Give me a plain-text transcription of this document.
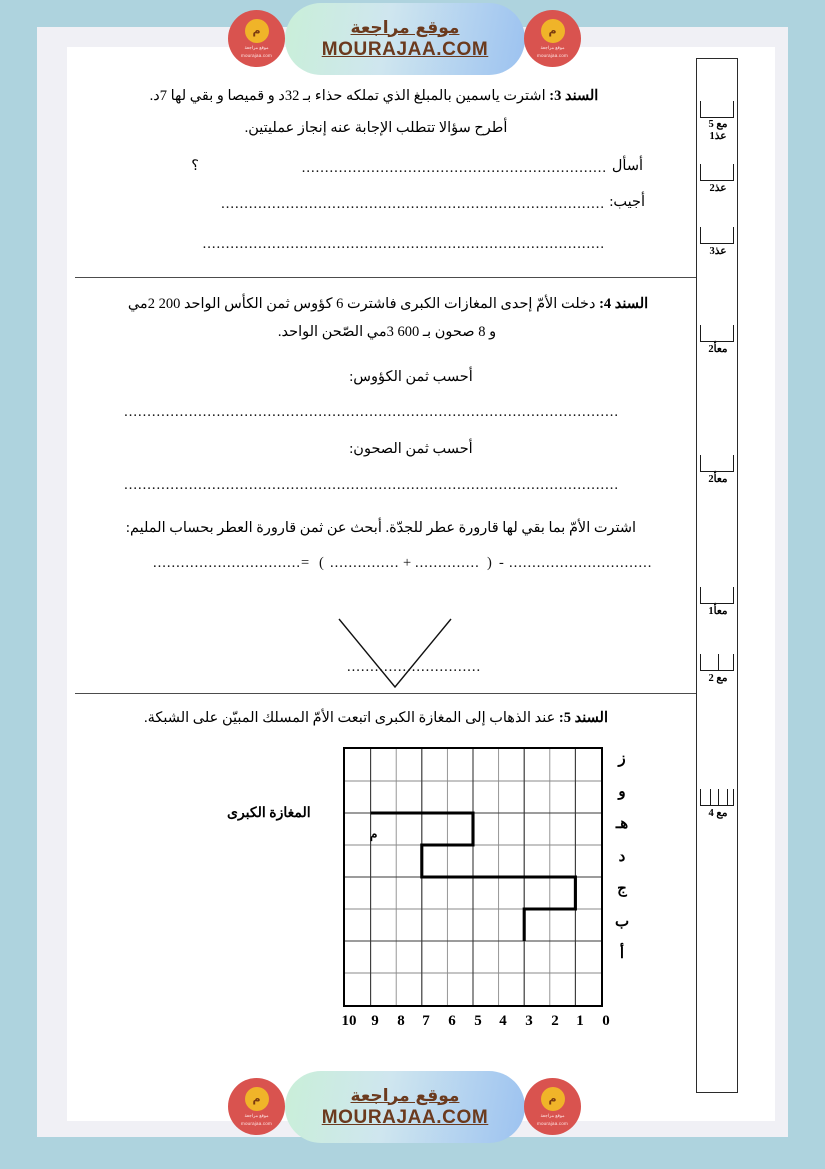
موقع مراجعة
MOURAJAA.COM
م
موقع مراجعة
mourajaa.com
م
موقع مراجعة
mourajaa.com
مع 5
عذ1
عذ2
عذ3
معأ2
معأ2
معأ1
مع 2
مع 4
السند 3: اشترت ياسمين بالمبلغ الذي تملكه حذاء بـ 32د و قميصا و بقي لها 7د.
أطرح سؤالا تتطلب الإجابة عنه إنجاز عمليتين.
أسأل
..................................................................
؟
أجيب:
...................................................................................
.......................................................................................
السند 4: دخلت الأمّ إحدى المغازات الكبرى فاشترت 6 كؤوس ثمن الكأس الواحد 200 2مي
و 8 صحون بـ 600 3مي الصّحن الواحد.
أحسب ثمن الكؤوس:
...........................................................................................................
أحسب ثمن الصحون:
...........................................................................................................
اشترت الأمّ بما بقي لها قارورة عطر للجدّة. أبحث عن ثمن قارورة العطر بحساب المليم:
................................= ( ............... + .............. ) - ...............................
.............................
السند 5: عند الذهاب إلى المغازة الكبرى اتبعت الأمّ المسلك المبيّن على الشبكة.
المغازة الكبرى
م
ز
و
هـ
د
ج
ب
أ
10 9	8	7	6	5	4	3	2	1	0
موقع مراجعة
MOURAJAA.COM
م
موقع مراجعة
mourajaa.com
م
موقع مراجعة
mourajaa.com
